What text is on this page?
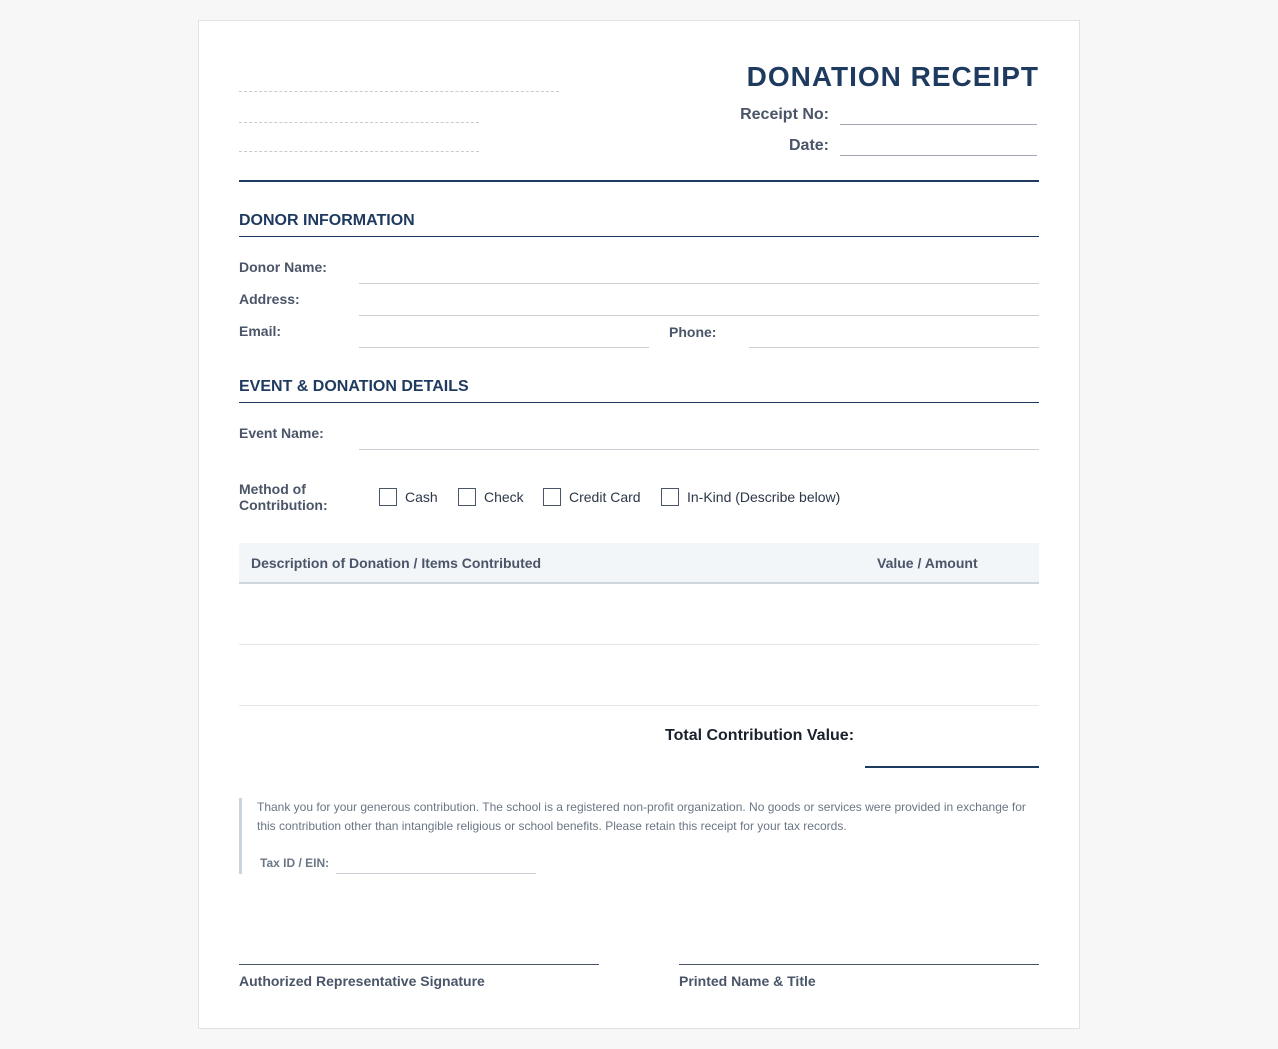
DONATION RECEIPT
Receipt No:
Date:
DONOR INFORMATION
Donor Name:
Address:
Email:	Phone:
EVENT & DONATION DETAILS
Event Name:
Method of
Contribution:	Cash	Check	Credit Card	In-Kind (Describe below)
Description of Donation / Items Contributed	Value / Amount
Total Contribution Value:
Thank you for your generous contribution. The school is a registered non-profit organization. No goods or services were provided in exchange for this contribution other than intangible religious or school benefits. Please retain this receipt for your tax records.
Tax ID / EIN:
Authorized Representative Signature	Printed Name & Title
